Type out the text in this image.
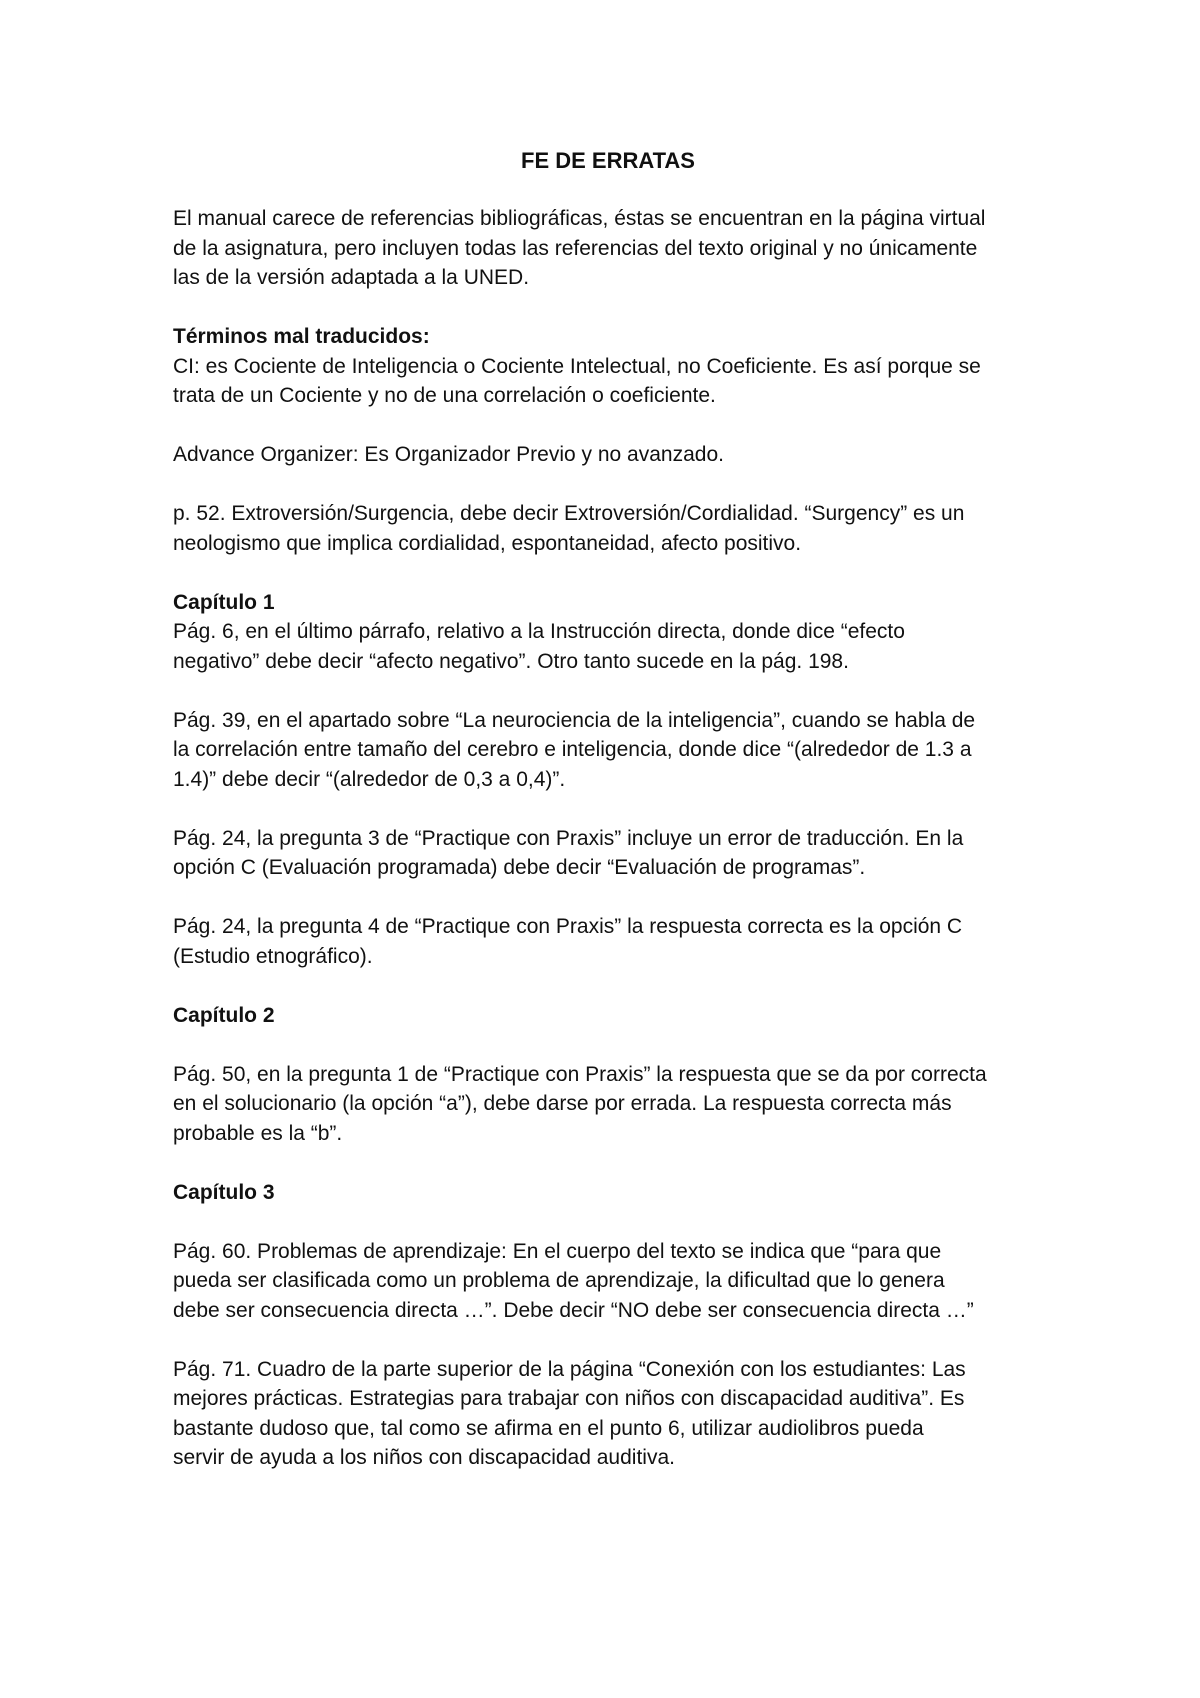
FE DE ERRATAS
El manual carece de referencias bibliográficas, éstas se encuentran en la página virtual
de la asignatura, pero incluyen todas las referencias del texto original y no únicamente
las de la versión adaptada a la UNED.
Términos mal traducidos:
CI: es Cociente de Inteligencia o Cociente Intelectual, no Coeficiente. Es así porque se
trata de un Cociente y no de una correlación o coeficiente.
Advance Organizer: Es Organizador Previo y no avanzado.
p. 52. Extroversión/Surgencia, debe decir Extroversión/Cordialidad. “Surgency” es un
neologismo que implica cordialidad, espontaneidad, afecto positivo.
Capítulo 1
Pág. 6, en el último párrafo, relativo a la Instrucción directa, donde dice “efecto
negativo” debe decir “afecto negativo”. Otro tanto sucede en la pág. 198.
Pág. 39, en el apartado sobre “La neurociencia de la inteligencia”, cuando se habla de
la correlación entre tamaño del cerebro e inteligencia, donde dice “(alrededor de 1.3 a
1.4)” debe decir “(alrededor de 0,3 a 0,4)”.
Pág. 24, la pregunta 3 de “Practique con Praxis” incluye un error de traducción. En la
opción C (Evaluación programada) debe decir “Evaluación de programas”.
Pág. 24, la pregunta 4 de “Practique con Praxis” la respuesta correcta es la opción C
(Estudio etnográfico).
Capítulo 2
Pág. 50, en la pregunta 1 de “Practique con Praxis” la respuesta que se da por correcta
en el solucionario (la opción “a”), debe darse por errada. La respuesta correcta más
probable es la “b”.
Capítulo 3
Pág. 60. Problemas de aprendizaje: En el cuerpo del texto se indica que “para que
pueda ser clasificada como un problema de aprendizaje, la dificultad que lo genera
debe ser consecuencia directa …”. Debe decir “NO debe ser consecuencia directa …”
Pág. 71. Cuadro de la parte superior de la página “Conexión con los estudiantes: Las
mejores prácticas. Estrategias para trabajar con niños con discapacidad auditiva”. Es
bastante dudoso que, tal como se afirma en el punto 6, utilizar audiolibros pueda
servir de ayuda a los niños con discapacidad auditiva.
